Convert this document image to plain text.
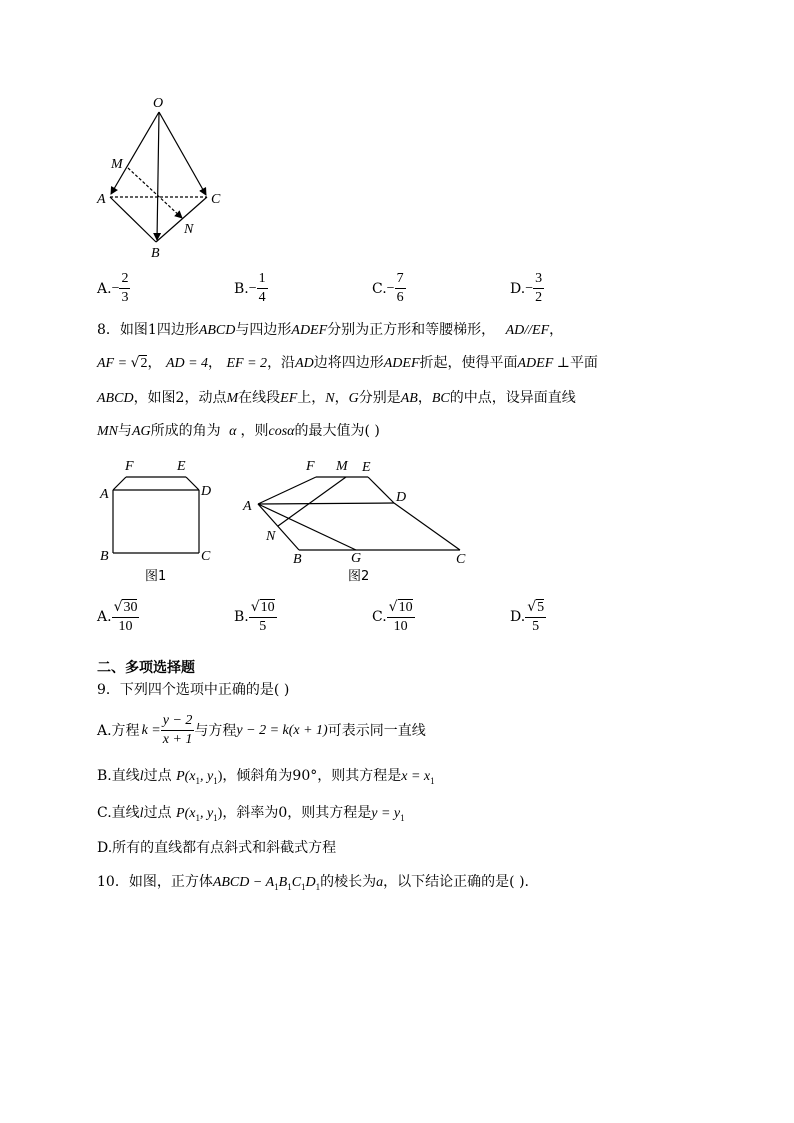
O
M
A	C
N
B
A. − $\frac{2}{3}$	B. − $\frac{1}{4}$	C. − $\frac{7}{6}$	D. − $\frac{3}{2}$
8．如图1四边形ABCD与四边形ADEF分别为正方形和等腰梯形， AD//EF，
AF = √2， AD = 4， EF = 2，沿AD边将四边形ADEF折起，使得平面ADEF ⊥平面
ABCD，如图2，动点M在线段EF上，N，G分别是AB，BC的中点，设异面直线
MN与AG所成的角为 α ，则cosα的最大值为( )
F	E
A	D
B	C
图1
F M E
D
A
N
B	G	C
图2
A. $\frac{√30}{10}$	B. $\frac{√10}{5}$	C. $\frac{√10}{10}$	D. $\frac{√5}{5}$
二、多项选择题
9．下列四个选项中正确的是( )
A.方程 $k = \frac{y - 2}{x + 1}$ 与方程 y − 2 = k(x + 1) 可表示同一直线
B.直线l过点 $P(x_1$, $y_1$)，倾斜角为90°，则其方程是$x = x_1$
C.直线l过点 $P(x_1$, $y_1$)，斜率为0，则其方程是$y = y_1$
D.所有的直线都有点斜式和斜截式方程
10．如图，正方体ABCD − $A_1B_1C_1D_1$的棱长为a，以下结论正确的是( ).
